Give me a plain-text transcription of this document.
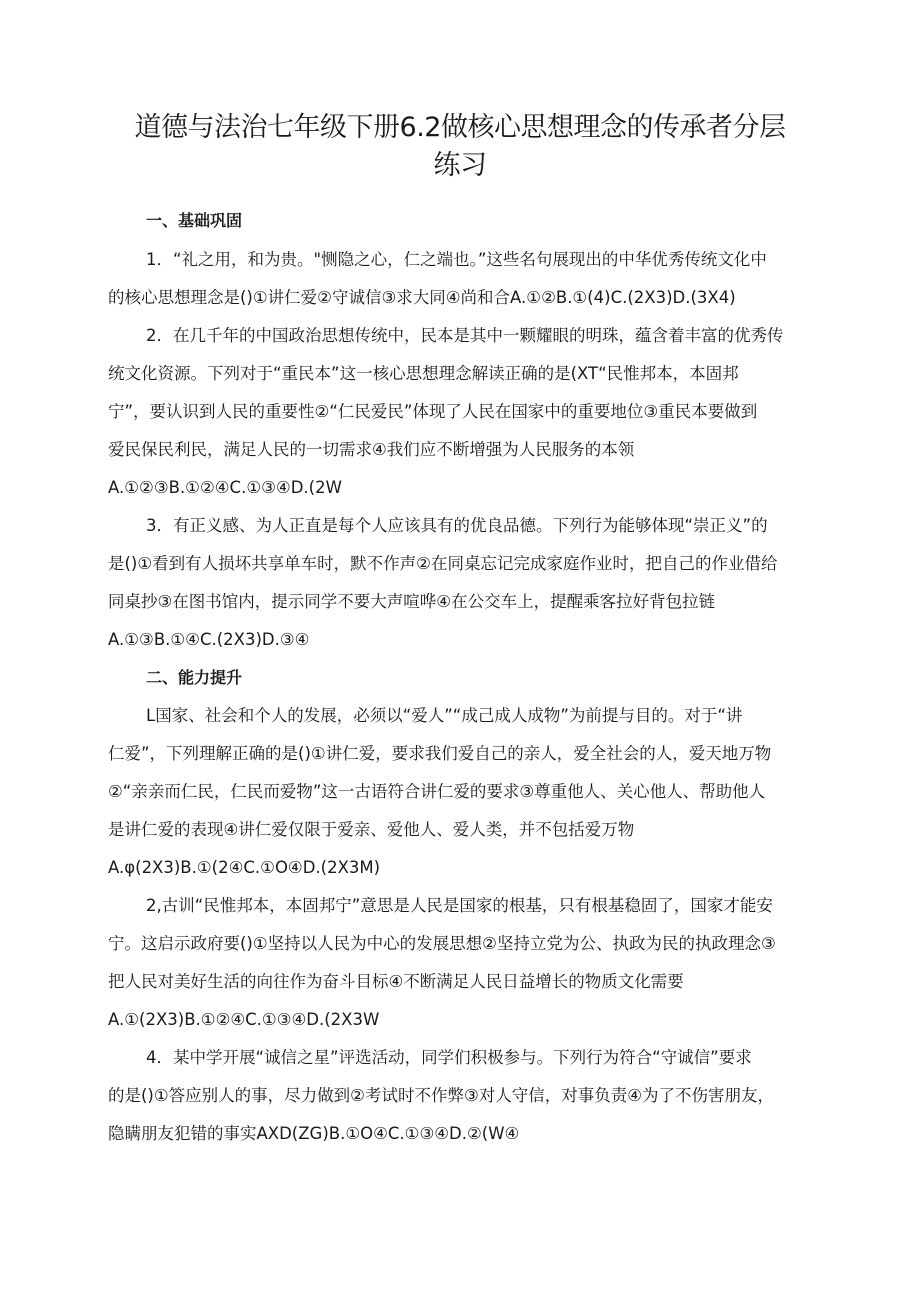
道德与法治七年级下册6.2做核心思想理念的传承者分层
练习
一、基础巩固
1．“礼之用，和为贵。"恻隐之心，仁之端也。”这些名句展现出的中华优秀传统文化中
的核心思想理念是()①讲仁爱②守诚信③求大同④尚和合A.①②B.①(4)C.(2X3)D.(3X4)
2．在几千年的中国政治思想传统中，民本是其中一颗耀眼的明珠，蕴含着丰富的优秀传
统文化资源。下列对于“重民本”这一核心思想理念解读正确的是(XT“民惟邦本，本固邦
宁”，要认识到人民的重要性②“仁民爱民”体现了人民在国家中的重要地位③重民本要做到
爱民保民利民，满足人民的一切需求④我们应不断增强为人民服务的本领
A.①②③B.①②④C.①③④D.(2W
3．有正义感、为人正直是每个人应该具有的优良品德。下列行为能够体现“崇正义”的
是()①看到有人损坏共享单车时，默不作声②在同桌忘记完成家庭作业时，把自己的作业借给
同桌抄③在图书馆内，提示同学不要大声喧哗④在公交车上，提醒乘客拉好背包拉链
A.①③B.①④C.(2X3)D.③④
二、能力提升
L国家、社会和个人的发展，必须以“爱人”“成己成人成物”为前提与目的。对于“讲
仁爱”，下列理解正确的是()①讲仁爱，要求我们爱自己的亲人，爱全社会的人，爱天地万物
②“亲亲而仁民，仁民而爱物”这一古语符合讲仁爱的要求③尊重他人、关心他人、帮助他人
是讲仁爱的表现④讲仁爱仅限于爱亲、爱他人、爱人类，并不包括爱万物
A.φ(2X3)B.①(2④C.①O④D.(2X3M)
2,古训“民惟邦本，本固邦宁”意思是人民是国家的根基，只有根基稳固了，国家才能安
宁。这启示政府要()①坚持以人民为中心的发展思想②坚持立党为公、执政为民的执政理念③
把人民对美好生活的向往作为奋斗目标④不断满足人民日益增长的物质文化需要
A.①(2X3)B.①②④C.①③④D.(2X3W
4．某中学开展“诚信之星”评选活动，同学们积极参与。下列行为符合“守诚信”要求
的是()①答应别人的事，尽力做到②考试时不作弊③对人守信，对事负责④为了不伤害朋友，
隐瞒朋友犯错的事实AXD(ZG)B.①O④C.①③④D.②(W④
